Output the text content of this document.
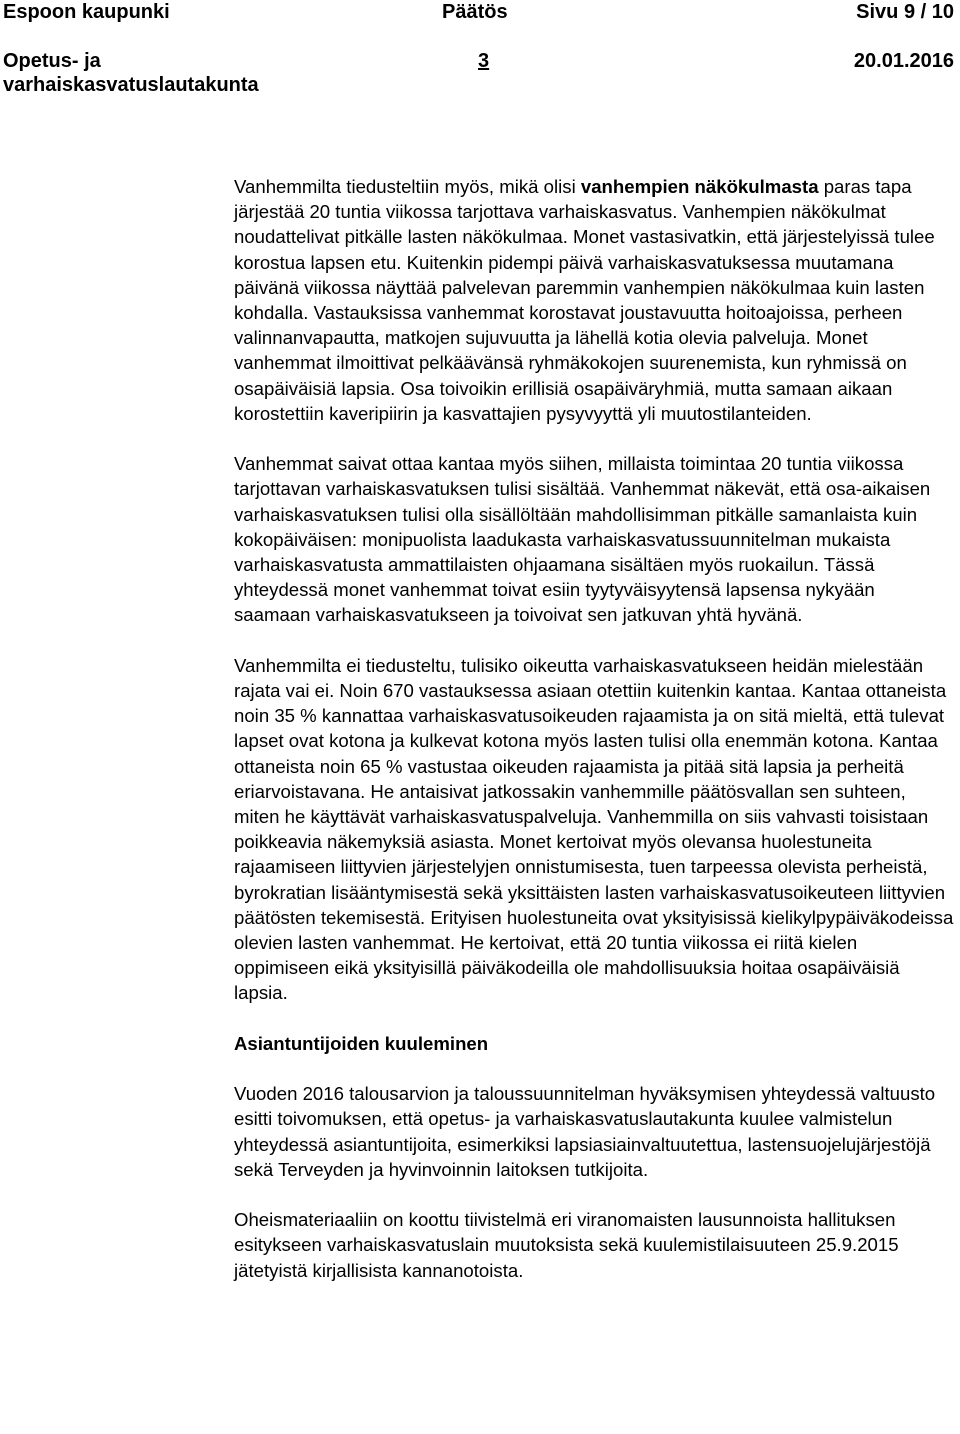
Espoon kaupunki	Päätös	Sivu 9 / 10
Opetus- ja varhaiskasvatuslautakunta
3	20.01.2016

Vanhemmilta tiedusteltiin myös, mikä olisi vanhempien näkökulmasta paras tapa järjestää 20 tuntia viikossa tarjottava varhaiskasvatus. Vanhempien näkökulmat noudattelivat pitkälle lasten näkökulmaa. Monet vastasivatkin, että järjestelyissä tulee korostua lapsen etu. Kuitenkin pidempi päivä varhaiskasvatuksessa muutamana päivänä viikossa näyttää palvelevan paremmin vanhempien näkökulmaa kuin lasten kohdalla. Vastauksissa vanhemmat korostavat joustavuutta hoitoajoissa, perheen valinnanvapautta, matkojen sujuvuutta ja lähellä kotia olevia palveluja. Monet vanhemmat ilmoittivat pelkäävänsä ryhmäkokojen suurenemista, kun ryhmissä on osapäiväisiä lapsia. Osa toivoikin erillisiä osapäiväryhmiä, mutta samaan aikaan korostettiin kaveripiirin ja kasvattajien pysyvyyttä yli muutostilanteiden.

Vanhemmat saivat ottaa kantaa myös siihen, millaista toimintaa 20 tuntia viikossa tarjottavan varhaiskasvatuksen tulisi sisältää. Vanhemmat näkevät, että osa-aikaisen varhaiskasvatuksen tulisi olla sisällöltään mahdollisimman pitkälle samanlaista kuin kokopäiväisen: monipuolista laadukasta varhaiskasvatussuunnitelman mukaista varhaiskasvatusta ammattilaisten ohjaamana sisältäen myös ruokailun. Tässä yhteydessä monet vanhemmat toivat esiin tyytyväisyytensä lapsensa nykyään saamaan varhaiskasvatukseen ja toivoivat sen jatkuvan yhtä hyvänä.

Vanhemmilta ei tiedusteltu, tulisiko oikeutta varhaiskasvatukseen heidän mielestään rajata vai ei. Noin 670 vastauksessa asiaan otettiin kuitenkin kantaa. Kantaa ottaneista noin 35 % kannattaa varhaiskasvatusoikeuden rajaamista ja on sitä mieltä, että tulevat lapset ovat kotona ja kulkevat kotona myös lasten tulisi olla enemmän kotona. Kantaa ottaneista noin 65 % vastustaa oikeuden rajaamista ja pitää sitä lapsia ja perheitä eriarvoistavana. He antaisivat jatkossakin vanhemmille päätösvallan sen suhteen, miten he käyttävät varhaiskasvatuspalveluja. Vanhemmilla on siis vahvasti toisistaan poikkeavia näkemyksiä asiasta. Monet kertoivat myös olevansa huolestuneita rajaamiseen liittyvien järjestelyjen onnistumisesta, tuen tarpeessa olevista perheistä, byrokratian lisääntymisestä sekä yksittäisten lasten varhaiskasvatusoikeuteen liittyvien päätösten tekemisestä. Erityisen huolestuneita ovat yksityisissä kielikylpypäiväkodeissa olevien lasten vanhemmat. He kertoivat, että 20 tuntia viikossa ei riitä kielen oppimiseen eikä yksityisillä päiväkodeilla ole mahdollisuuksia hoitaa osapäiväisiä lapsia.

Asiantuntijoiden kuuleminen

Vuoden 2016 talousarvion ja taloussuunnitelman hyväksymisen yhteydessä valtuusto esitti toivomuksen, että opetus- ja varhaiskasvatuslautakunta kuulee valmistelun yhteydessä asiantuntijoita, esimerkiksi lapsiasiainvaltuutettua, lastensuojelujärjestöjä sekä Terveyden ja hyvinvoinnin laitoksen tutkijoita.

Oheismateriaaliin on koottu tiivistelmä eri viranomaisten lausunnoista hallituksen esitykseen varhaiskasvatuslain muutoksista sekä kuulemistilaisuuteen 25.9.2015 jätetyistä kirjallisista kannanotoista.
